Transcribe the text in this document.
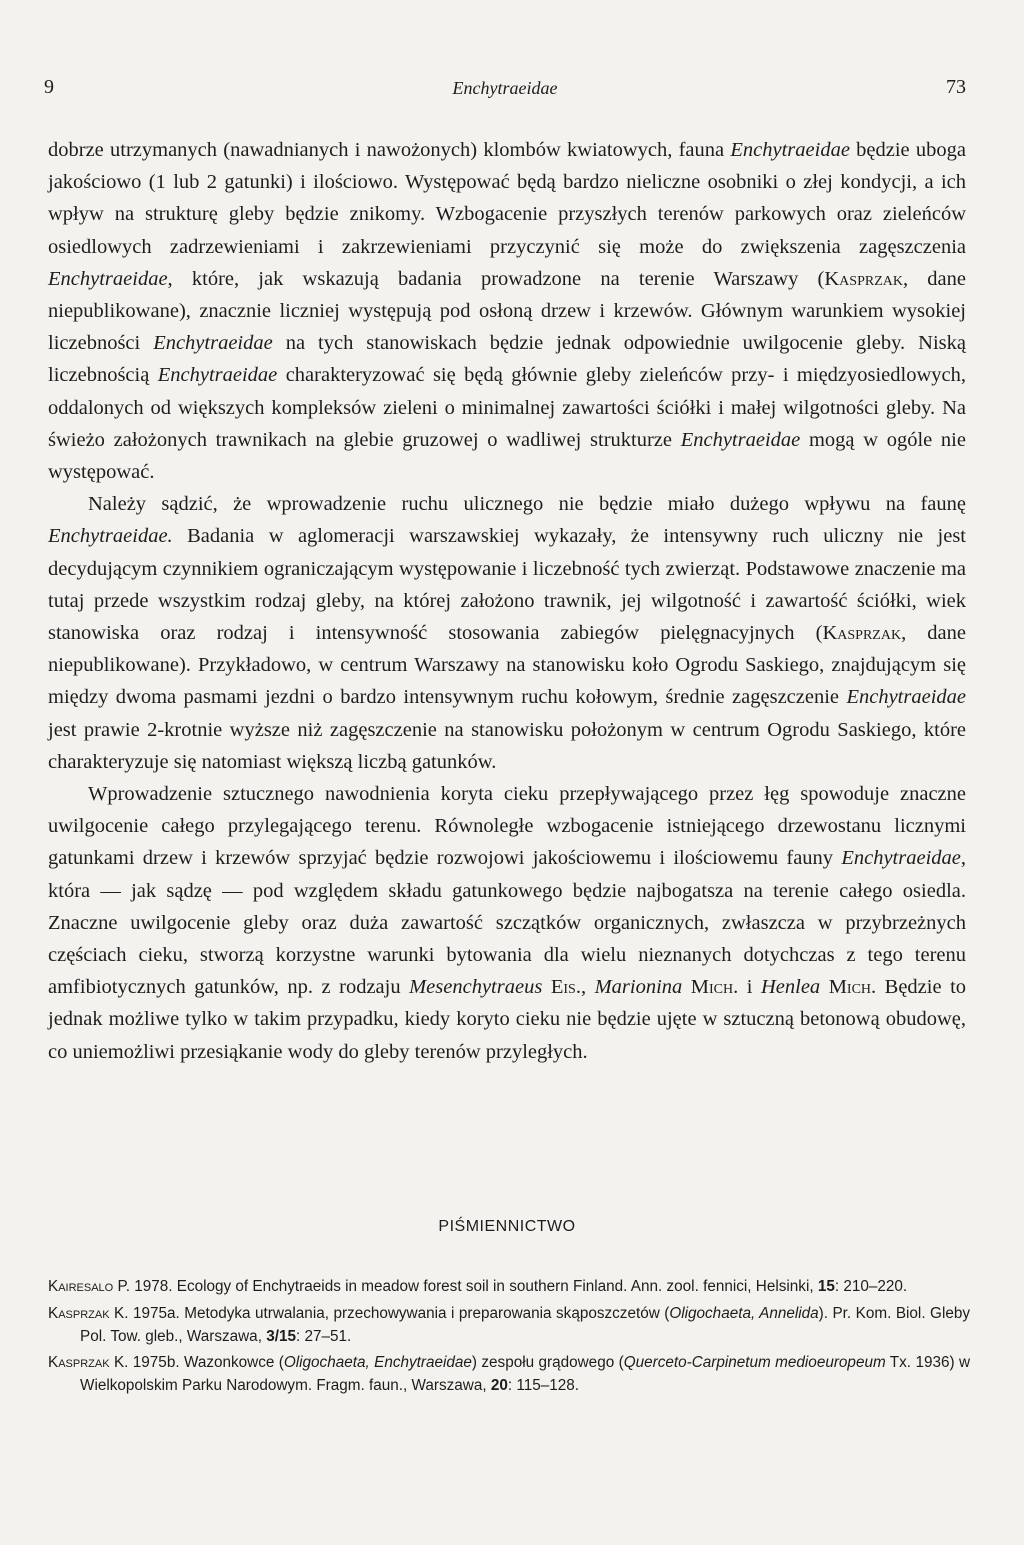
9	Enchytraeidae	73

dobrze utrzymanych (nawadnianych i nawożonych) klombów kwiatowych, fauna Enchytraeidae będzie uboga jakościowo (1 lub 2 gatunki) i ilościowo. Występować będą bardzo nieliczne osobniki o złej kondycji, a ich wpływ na strukturę gleby będzie znikomy. Wzbogacenie przyszłych terenów parkowych oraz zieleńców osiedlowych zadrzewieniami i zakrzewieniami przyczynić się może do zwiększenia zagęszczenia Enchytraeidae, które, jak wskazują badania prowadzone na terenie Warszawy (Kasprzak, dane niepublikowane), znacznie liczniej występują pod osłoną drzew i krzewów. Głównym warunkiem wysokiej liczebności Enchytraeidae na tych stanowiskach będzie jednak odpowiednie uwilgocenie gleby. Niską liczebnością Enchytraeidae charakteryzować się będą głównie gleby zieleńców przy- i międzyosiedlowych, oddalonych od większych kompleksów zieleni o minimalnej zawartości ściółki i małej wilgotności gleby. Na świeżo założonych trawnikach na glebie gruzowej o wadliwej strukturze Enchytraeidae mogą w ogóle nie występować.

Należy sądzić, że wprowadzenie ruchu ulicznego nie będzie miało dużego wpływu na faunę Enchytraeidae. Badania w aglomeracji warszawskiej wykazały, że intensywny ruch uliczny nie jest decydującym czynnikiem ograniczającym występowanie i liczebność tych zwierząt. Podstawowe znaczenie ma tutaj przede wszystkim rodzaj gleby, na której założono trawnik, jej wilgotność i zawartość ściółki, wiek stanowiska oraz rodzaj i intensywność stosowania zabiegów pielęgnacyjnych (Kasprzak, dane niepublikowane). Przykładowo, w centrum Warszawy na stanowisku koło Ogrodu Saskiego, znajdującym się między dwoma pasmami jezdni o bardzo intensywnym ruchu kołowym, średnie zagęszczenie Enchytraeidae jest prawie 2-krotnie wyższe niż zagęszczenie na stanowisku położonym w centrum Ogrodu Saskiego, które charakteryzuje się natomiast większą liczbą gatunków.

Wprowadzenie sztucznego nawodnienia koryta cieku przepływającego przez łęg spowoduje znaczne uwilgocenie całego przylegającego terenu. Równoległe wzbogacenie istniejącego drzewostanu licznymi gatunkami drzew i krzewów sprzyjać będzie rozwojowi jakościowemu i ilościowemu fauny Enchytraeidae, która — jak sądzę — pod względem składu gatunkowego będzie najbogatsza na terenie całego osiedla. Znaczne uwilgocenie gleby oraz duża zawartość szczątków organicznych, zwłaszcza w przybrzeżnych częściach cieku, stworzą korzystne warunki bytowania dla wielu nieznanych dotychczas z tego terenu amfibiotycznych gatunków, np. z rodzaju Mesenchytraeus Eis., Marionina Mich. i Henlea Mich. Będzie to jednak możliwe tylko w takim przypadku, kiedy koryto cieku nie będzie ujęte w sztuczną betonową obudowę, co uniemożliwi przesiąkanie wody do gleby terenów przyległych.

PIŚMIENNICTWO
Kairesalo P. 1978. Ecology of Enchytraeids in meadow forest soil in southern Finland. Ann. zool. fennici, Helsinki, 15: 210–220.
Kasprzak K. 1975a. Metodyka utrwalania, przechowywania i preparowania skąposzczetów (Oligochaeta, Annelida). Pr. Kom. Biol. Gleby Pol. Tow. gleb., Warszawa, 3/15: 27–51.
Kasprzak K. 1975b. Wazonkowce (Oligochaeta, Enchytraeidae) zespołu grądowego (Querceto-Carpinetum medioeuropeum Tx. 1936) w Wielkopolskim Parku Narodowym. Fragm. faun., Warszawa, 20: 115–128.
